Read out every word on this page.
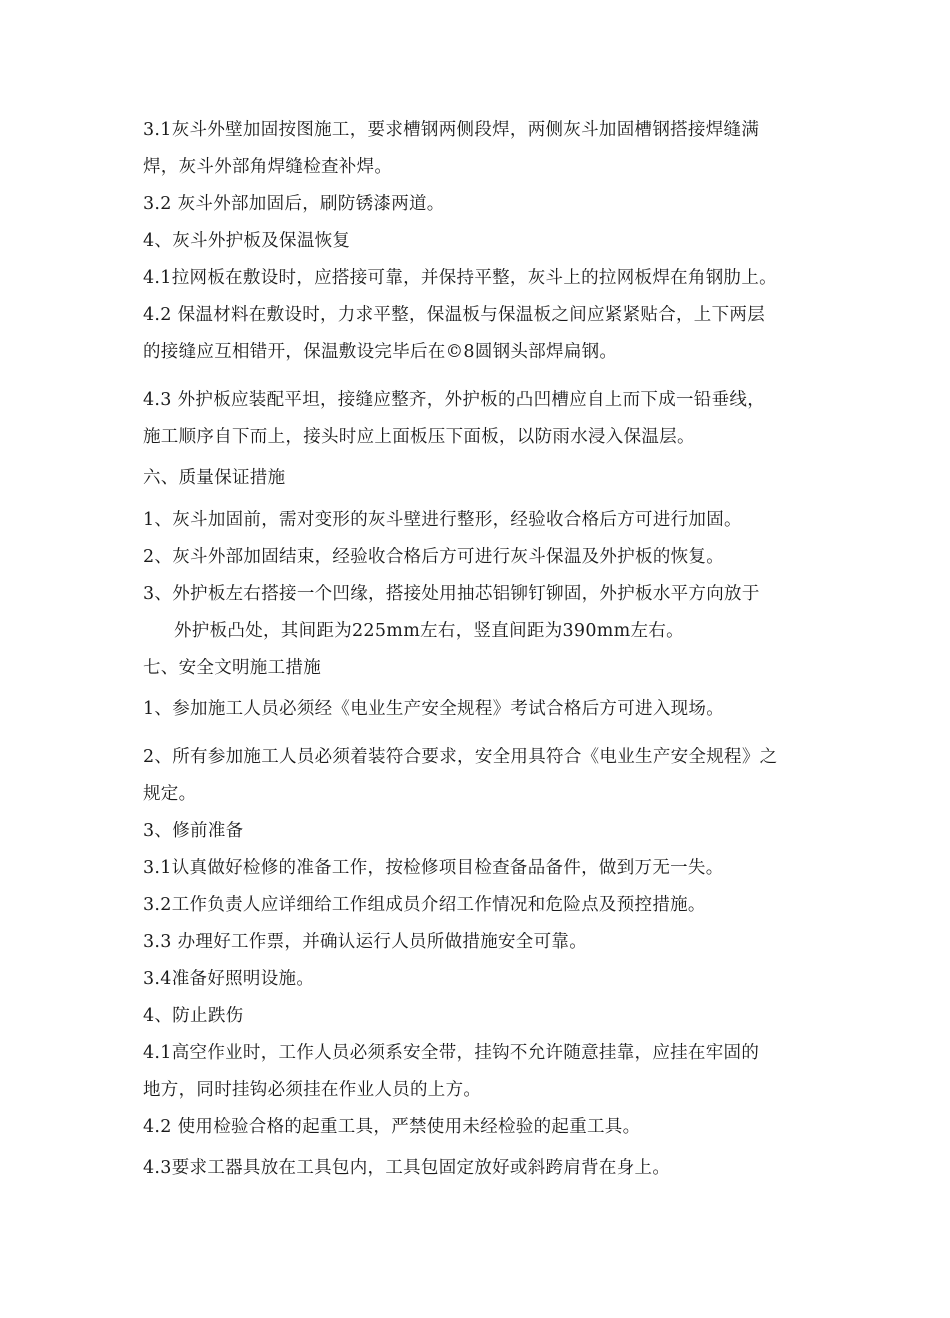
3.1灰斗外壁加固按图施工，要求槽钢两侧段焊，两侧灰斗加固槽钢搭接焊缝满
焊，灰斗外部角焊缝检查补焊。
3.2 灰斗外部加固后，刷防锈漆两道。
4、灰斗外护板及保温恢复
4.1拉网板在敷设时，应搭接可靠，并保持平整，灰斗上的拉网板焊在角钢肋上。
4.2 保温材料在敷设时，力求平整，保温板与保温板之间应紧紧贴合，上下两层
的接缝应互相错开，保温敷设完毕后在©8圆钢头部焊扁钢。
4.3 外护板应装配平坦，接缝应整齐，外护板的凸凹槽应自上而下成一铅垂线，
施工顺序自下而上，接头时应上面板压下面板，以防雨水浸入保温层。
六、质量保证措施
1、灰斗加固前，需对变形的灰斗壁进行整形，经验收合格后方可进行加固。
2、灰斗外部加固结束，经验收合格后方可进行灰斗保温及外护板的恢复。
3、外护板左右搭接一个凹缘，搭接处用抽芯铝铆钉铆固，外护板水平方向放于
外护板凸处，其间距为225mm左右，竖直间距为390mm左右。
七、安全文明施工措施
1、参加施工人员必须经《电业生产安全规程》考试合格后方可进入现场。
2、所有参加施工人员必须着装符合要求，安全用具符合《电业生产安全规程》之
规定。
3、修前准备
3.1认真做好检修的准备工作，按检修项目检查备品备件，做到万无一失。
3.2工作负责人应详细给工作组成员介绍工作情况和危险点及预控措施。
3.3 办理好工作票，并确认运行人员所做措施安全可靠。
3.4准备好照明设施。
4、防止跌伤
4.1高空作业时，工作人员必须系安全带，挂钩不允许随意挂靠，应挂在牢固的
地方，同时挂钩必须挂在作业人员的上方。
4.2 使用检验合格的起重工具，严禁使用未经检验的起重工具。
4.3要求工器具放在工具包内，工具包固定放好或斜跨肩背在身上。
